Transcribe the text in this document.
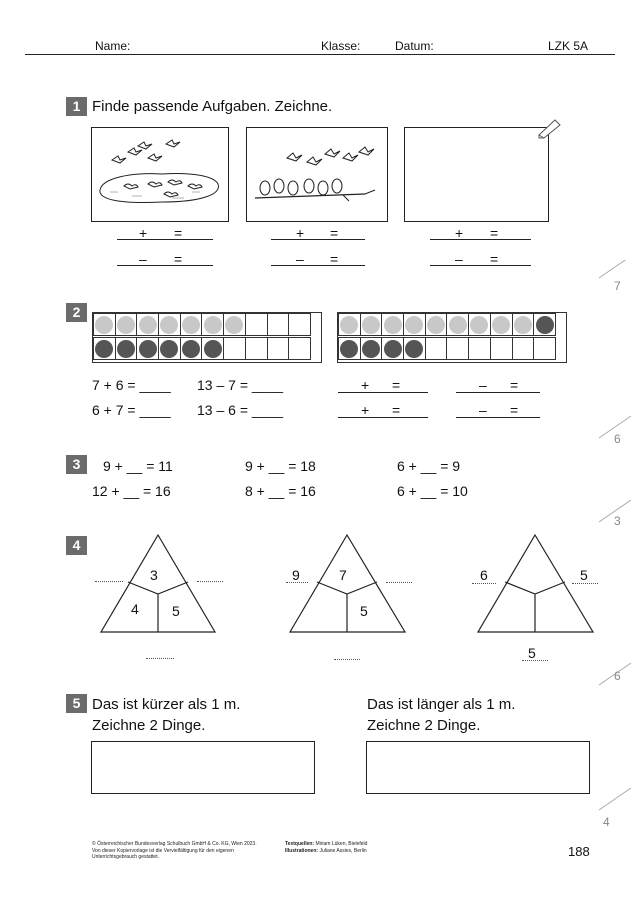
Name:	Klasse:	Datum:	LZK 5A
1 Finde passende Aufgaben. Zeichne.
+ =
– =
+ =
– =
+ =
– =
2
7 + 6 = ____ 13 – 7 = ____
6 + 7 = ____ 13 – 6 = ____
+ =
+ =
– =
– =
3	9 + __ = 11	9 + __ = 18	6 + __ = 9
12 + __ = 16	8 + __ = 16	6 + __ = 10
4
3
4 5
7
5
9	6	5
5
5 Das ist kürzer als 1 m.
Zeichne 2 Dinge.
Das ist länger als 1 m.
Zeichne 2 Dinge.
7
6
3
6
4
© Österreichischer Bundesverlag Schulbuch GmbH & Co. KG, Wien 2023.
Von dieser Kopiervorlage ist die Vervielfältigung für den eigenen
Unterrichtsgebrauch gestattet.
Textquellen: Miriam Lüken, Bielefeld
Illustrationen: Juliane Assies, Berlin	188
